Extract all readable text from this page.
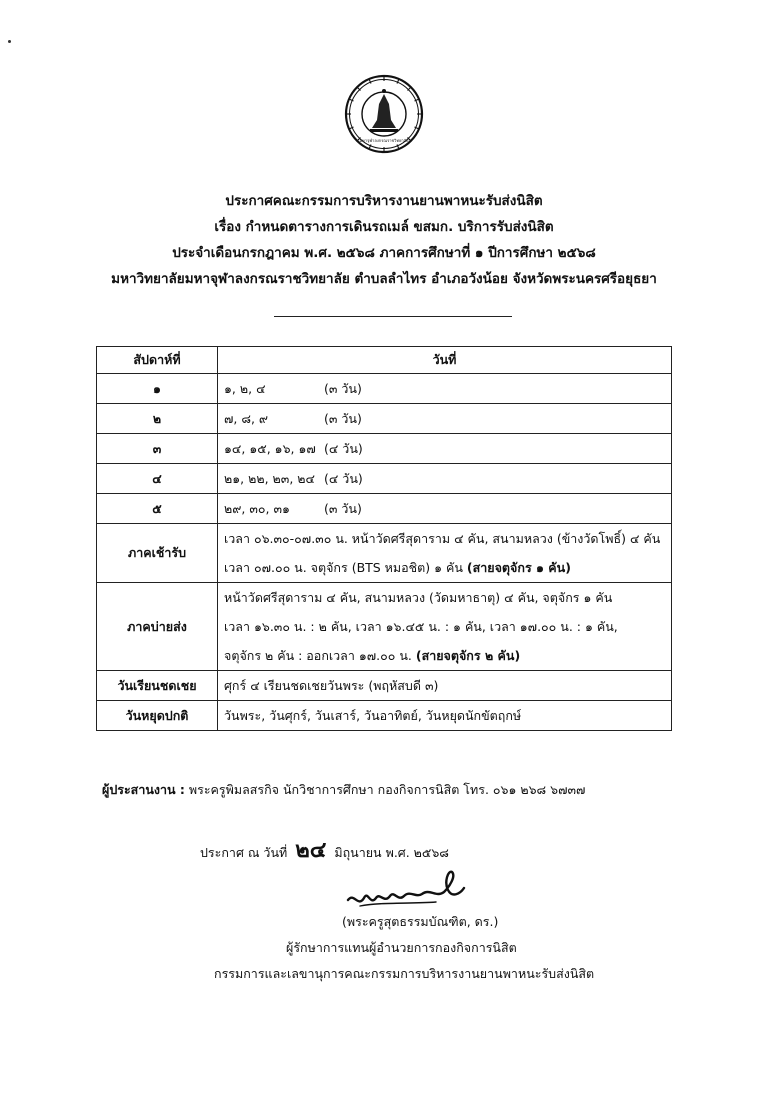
มหาจุฬาลงกรณราชวิทยาลัย
ประกาศคณะกรรมการบริหารงานยานพาหนะรับส่งนิสิต
เรื่อง กำหนดตารางการเดินรถเมล์ ขสมก. บริการรับส่งนิสิต
ประจำเดือนกรกฎาคม พ.ศ. ๒๕๖๘ ภาคการศึกษาที่ ๑ ปีการศึกษา ๒๕๖๘
มหาวิทยาลัยมหาจุฬาลงกรณราชวิทยาลัย ตำบลลำไทร อำเภอวังน้อย จังหวัดพระนครศรีอยุธยา
สัปดาห์ที่	วันที่
๑	๑, ๒, ๔ (๓ วัน)
๒	๗, ๘, ๙ (๓ วัน)
๓	๑๔, ๑๕, ๑๖, ๑๗ (๔ วัน)
๔	๒๑, ๒๒, ๒๓, ๒๔ (๔ วัน)
๕	๒๙, ๓๐, ๓๑ (๓ วัน)
ภาคเช้ารับ	เวลา ๐๖.๓๐-๐๗.๓๐ น. หน้าวัดศรีสุดาราม ๔ คัน, สนามหลวง (ข้างวัดโพธิ์) ๔ คัน
เวลา ๐๗.๐๐ น. จตุจักร (BTS หมอชิต) ๑ คัน (สายจตุจักร ๑ คัน)

ภาคบ่ายส่ง	หน้าวัดศรีสุดาราม ๔ คัน, สนามหลวง (วัดมหาธาตุ) ๔ คัน, จตุจักร ๑ คัน
เวลา ๑๖.๓๐ น. : ๒ คัน, เวลา ๑๖.๔๕ น. : ๑ คัน, เวลา ๑๗.๐๐ น. : ๑ คัน,
จตุจักร ๒ คัน : ออกเวลา ๑๗.๐๐ น. (สายจตุจักร ๒ คัน)

วันเรียนชดเชย	ศุกร์ ๔ เรียนชดเชยวันพระ (พฤหัสบดี ๓)
วันหยุดปกติ	วันพระ, วันศุกร์, วันเสาร์, วันอาทิตย์, วันหยุดนักขัตฤกษ์
ผู้ประสานงาน : พระครูพิมลสรกิจ นักวิชาการศึกษา กองกิจการนิสิต โทร. ๐๖๑ ๒๖๘ ๖๗๓๗
ประกาศ ณ วันที่ ๒๔ มิถุนายน พ.ศ. ๒๕๖๘
(พระครูสุตธรรมบัณฑิต, ดร.)
ผู้รักษาการแทนผู้อำนวยการกองกิจการนิสิต
กรรมการและเลขานุการคณะกรรมการบริหารงานยานพาหนะรับส่งนิสิต
